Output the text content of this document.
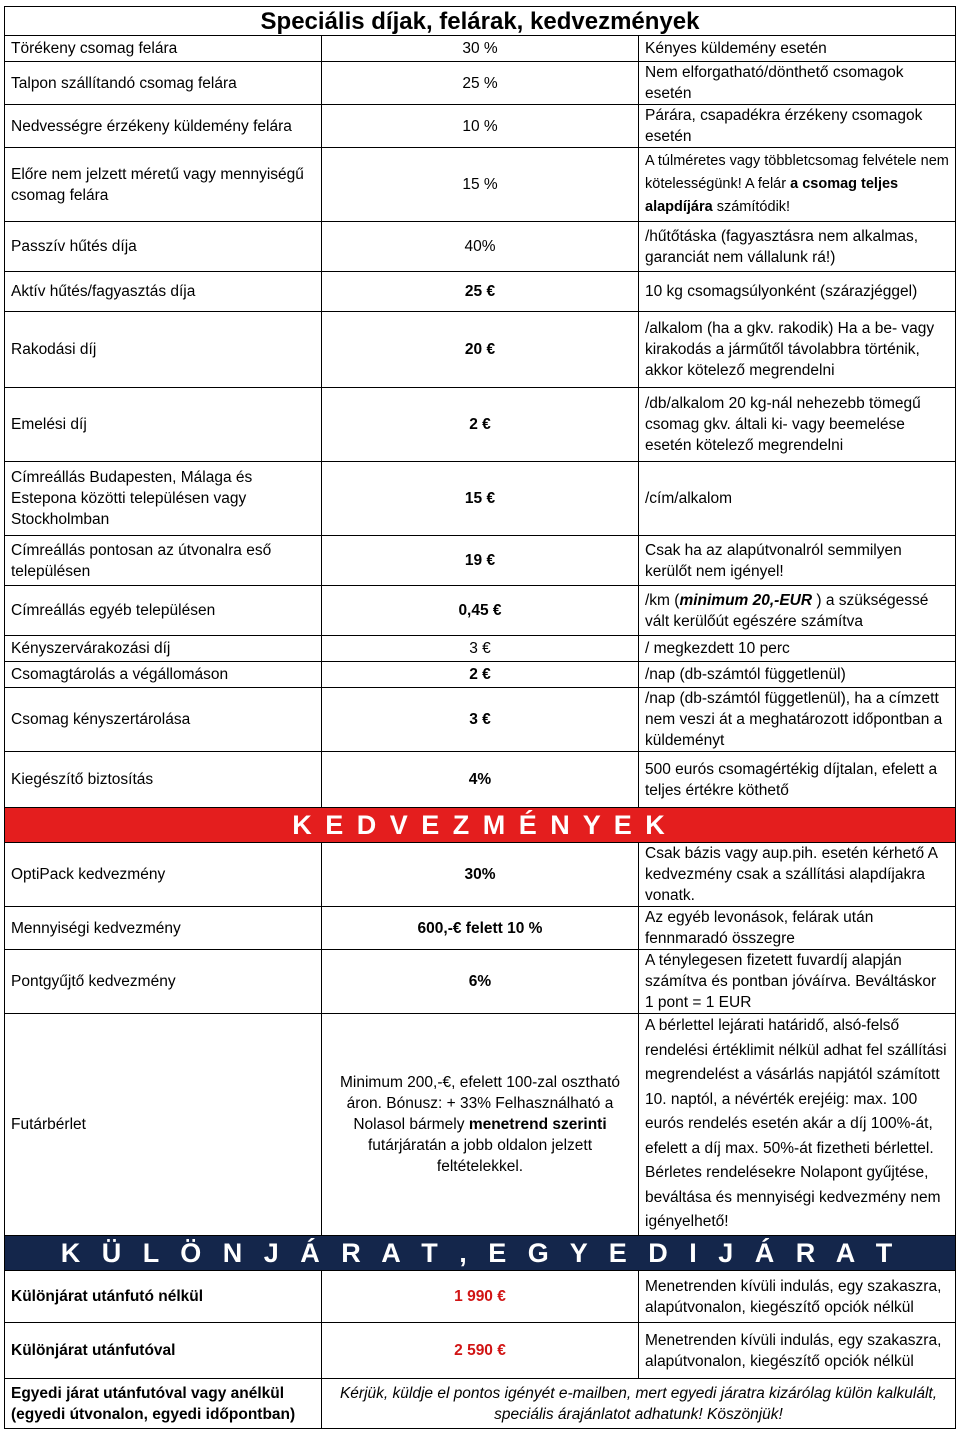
Speciális díjak, felárak, kedvezmények		
Törékeny csomag felára	30 %	Kényes küldemény esetén
Talpon szállítandó csomag felára	25 %	Nem elforgatható/dönthető csomagok esetén
Nedvességre érzékeny küldemény felára	10 %	Párára, csapadékra érzékeny csomagok esetén
Előre nem jelzett méretű vagy mennyiségű csomag felára	15 %	A túlméretes vagy többletcsomag felvétele nem kötelességünk! A felár a csomag teljes alapdíjára számítódik!
Passzív hűtés díja	40%	/hűtőtáska (fagyasztásra nem alkalmas, garanciát nem vállalunk rá!)
Aktív hűtés/fagyasztás díja	25 €	10 kg csomagsúlyonként (szárazjéggel)
Rakodási díj	20 €	/alkalom (ha a gkv. rakodik) Ha a be- vagy kirakodás a járműtől távolabbra történik, akkor kötelező megrendelni
Emelési díj	2 €	/db/alkalom 20 kg-nál nehezebb tömegű csomag gkv. általi ki- vagy beemelése esetén kötelező megrendelni
Címreállás Budapesten, Málaga és Estepona közötti településen vagy Stockholmban	15 €	/cím/alkalom
Címreállás pontosan az útvonalra eső településen	19 €	Csak ha az alapútvonalról semmilyen kerülőt nem igényel!
Címreállás egyéb településen	0,45 €	/km (minimum 20,-EUR ) a szükségessé vált kerülőút egészére számítva
Kényszervárakozási díj	3 €	/ megkezdett 10 perc
Csomagtárolás a végállomáson	2 €	/nap (db-számtól függetlenül)
Csomag kényszertárolása	3 €	/nap (db-számtól függetlenül), ha a címzett nem veszi át a meghatározott időpontban a küldeményt
Kiegészítő biztosítás	4%	500 eurós csomagértékig díjtalan, efelett a teljes értékre köthető
K E D V E Z M É N Y E K		
OptiPack kedvezmény	30%	Csak bázis vagy aup.pih. esetén kérhető A kedvezmény csak a szállítási alapdíjakra vonatk.
Mennyiségi kedvezmény	600,-€ felett 10 %	Az egyéb levonások, felárak után fennmaradó összegre
Pontgyűjtő kedvezmény	6%	A ténylegesen fizetett fuvardíj alapján számítva és pontban jóváírva. Beváltáskor 1 pont = 1 EUR
Futárbérlet	Minimum 200,-€, efelett 100-zal osztható áron. Bónusz: + 33% Felhasználható a Nolasol bármely menetrend szerinti futárjáratán a jobb oldalon jelzett feltételekkel.	A bérlettel lejárati határidő, alsó-felső rendelési értéklimit nélkül adhat fel szállítási megrendelést a vásárlás napjától számított 10. naptól, a névérték erejéig: max. 100 eurós rendelés esetén akár a díj 100%-át, efelett a díj max. 50%-át fizetheti bérlettel. Bérletes rendelésekre Nolapont gyűjtése, beváltása és mennyiségi kedvezmény nem igényelhető!
K Ü L Ö N J Á R A T , E G Y E D I J Á R A T		
Különjárat utánfutó nélkül	1 990 €	Menetrenden kívüli indulás, egy szakaszra, alapútvonalon, kiegészítő opciók nélkül
Különjárat utánfutóval	2 590 €	Menetrenden kívüli indulás, egy szakaszra, alapútvonalon, kiegészítő opciók nélkül
Egyedi járat utánfutóval vagy anélkül (egyedi útvonalon, egyedi időpontban)	Kérjük, küldje el pontos igényét e-mailben, mert egyedi járatra kizárólag külön kalkulált, speciális árajánlatot adhatunk! Köszönjük!	
